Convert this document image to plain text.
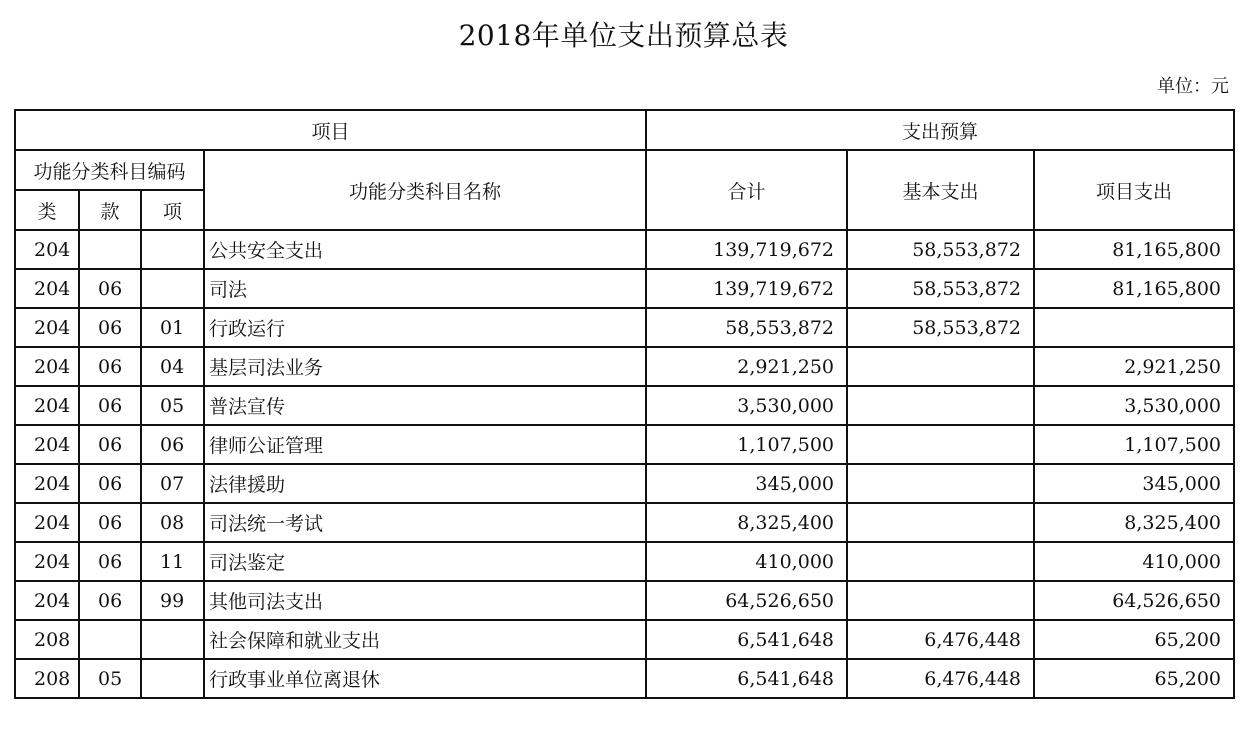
2018年单位支出预算总表
单位：元
项目				支出预算		
功能分类科目编码			功能分类科目名称	合计	基本支出	项目支出
类	款	项				
204			公共安全支出	139,719,672	58,553,872	81,165,800
204	06		司法	139,719,672	58,553,872	81,165,800
204	06	01	行政运行	58,553,872	58,553,872	
204	06	04	基层司法业务	2,921,250		2,921,250
204	06	05	普法宣传	3,530,000		3,530,000
204	06	06	律师公证管理	1,107,500		1,107,500
204	06	07	法律援助	345,000		345,000
204	06	08	司法统一考试	8,325,400		8,325,400
204	06	11	司法鉴定	410,000		410,000
204	06	99	其他司法支出	64,526,650		64,526,650
208			社会保障和就业支出	6,541,648	6,476,448	65,200
208	05		行政事业单位离退休	6,541,648	6,476,448	65,200
